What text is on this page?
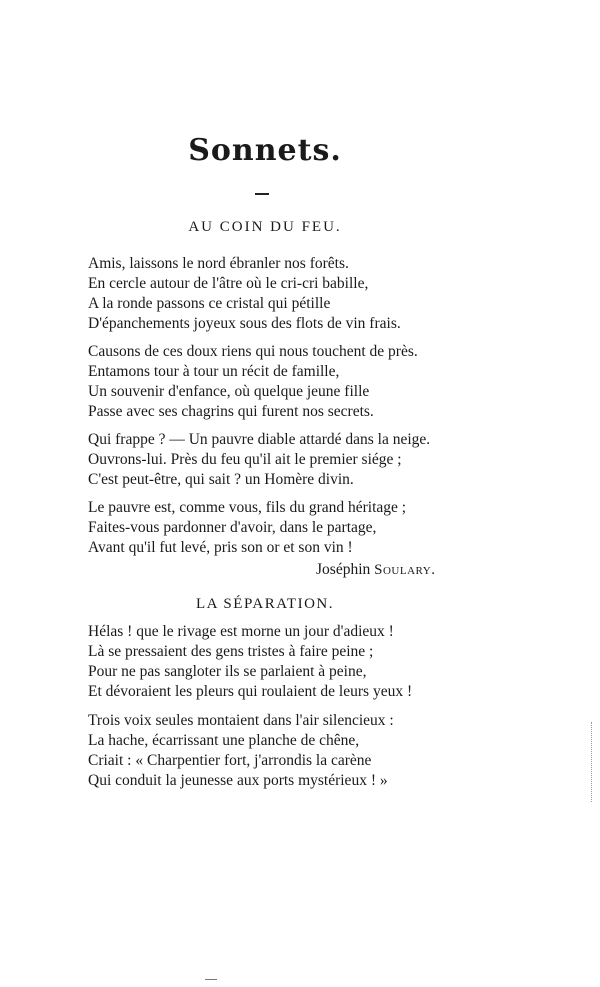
Sonnets.
AU COIN DU FEU.
Amis, laissons le nord ébranler nos forêts.
En cercle autour de l'âtre où le cri-cri babille,
A la ronde passons ce cristal qui pétille
D'épanchements joyeux sous des flots de vin frais.
Causons de ces doux riens qui nous touchent de près.
Entamons tour à tour un récit de famille,
Un souvenir d'enfance, où quelque jeune fille
Passe avec ses chagrins qui furent nos secrets.
Qui frappe ? — Un pauvre diable attardé dans la neige.
Ouvrons-lui. Près du feu qu'il ait le premier siége ;
C'est peut-être, qui sait ? un Homère divin.
Le pauvre est, comme vous, fils du grand héritage ;
Faites-vous pardonner d'avoir, dans le partage,
Avant qu'il fut levé, pris son or et son vin !
Joséphin Soulary.
LA SÉPARATION.
Hélas ! que le rivage est morne un jour d'adieux !
Là se pressaient des gens tristes à faire peine ;
Pour ne pas sangloter ils se parlaient à peine,
Et dévoraient les pleurs qui roulaient de leurs yeux !
Trois voix seules montaient dans l'air silencieux :
La hache, écarrissant une planche de chêne,
Criait : « Charpentier fort, j'arrondis la carène
Qui conduit la jeunesse aux ports mystérieux ! »
